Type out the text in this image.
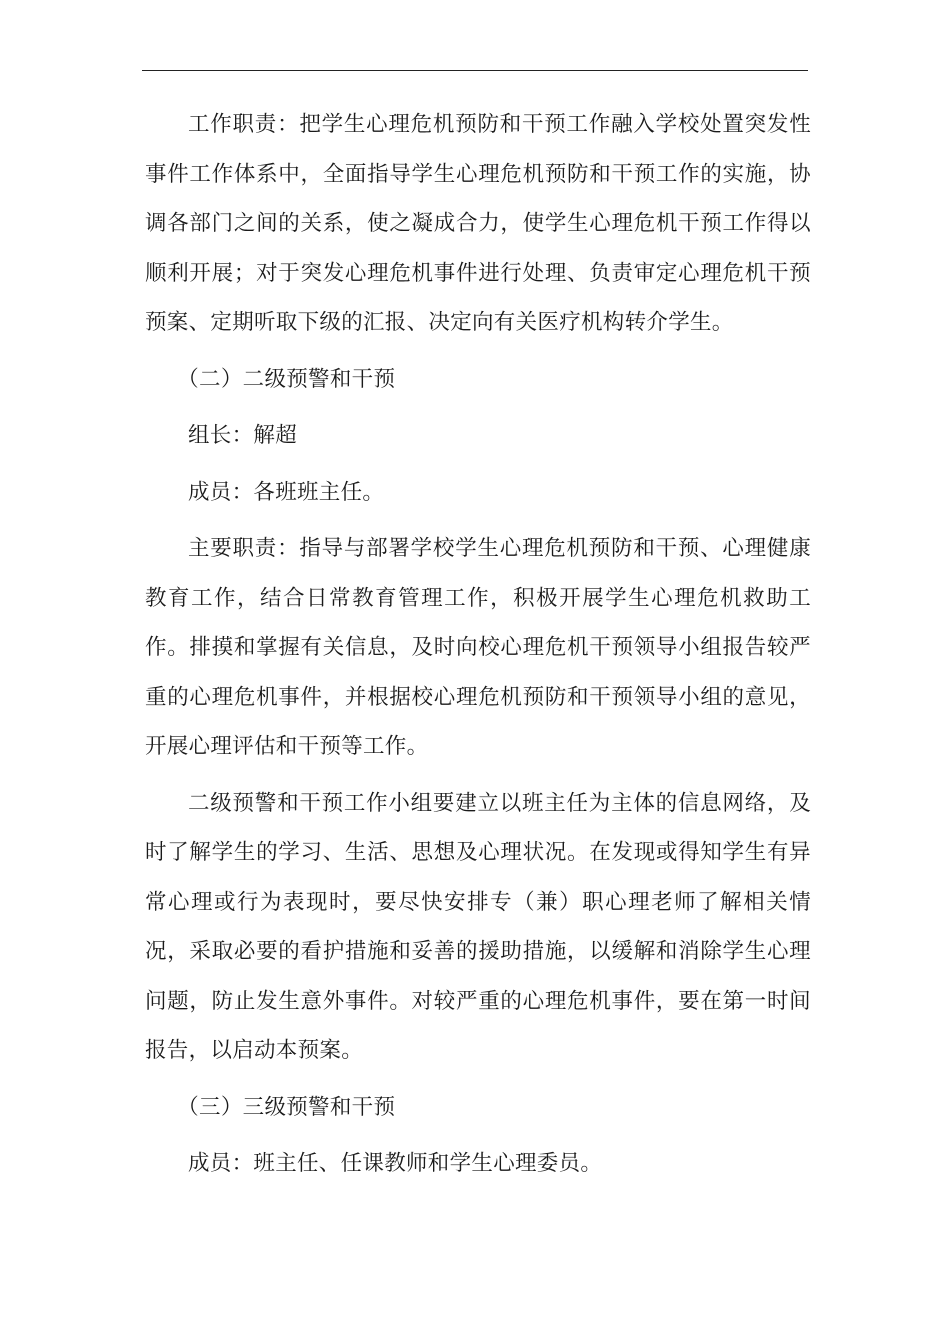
工作职责：把学生心理危机预防和干预工作融入学校处置突发性事件工作体系中，全面指导学生心理危机预防和干预工作的实施，协调各部门之间的关系，使之凝成合力，使学生心理危机干预工作得以顺利开展；对于突发心理危机事件进行处理、负责审定心理危机干预预案、定期听取下级的汇报、决定向有关医疗机构转介学生。

（二）二级预警和干预

组长：解超

成员：各班班主任。

主要职责：指导与部署学校学生心理危机预防和干预、心理健康教育工作，结合日常教育管理工作，积极开展学生心理危机救助工作。排摸和掌握有关信息，及时向校心理危机干预领导小组报告较严重的心理危机事件，并根据校心理危机预防和干预领导小组的意见，开展心理评估和干预等工作。

二级预警和干预工作小组要建立以班主任为主体的信息网络，及时了解学生的学习、生活、思想及心理状况。在发现或得知学生有异常心理或行为表现时，要尽快安排专（兼）职心理老师了解相关情况，采取必要的看护措施和妥善的援助措施，以缓解和消除学生心理问题，防止发生意外事件。对较严重的心理危机事件，要在第一时间报告，以启动本预案。

（三）三级预警和干预

成员：班主任、任课教师和学生心理委员。
